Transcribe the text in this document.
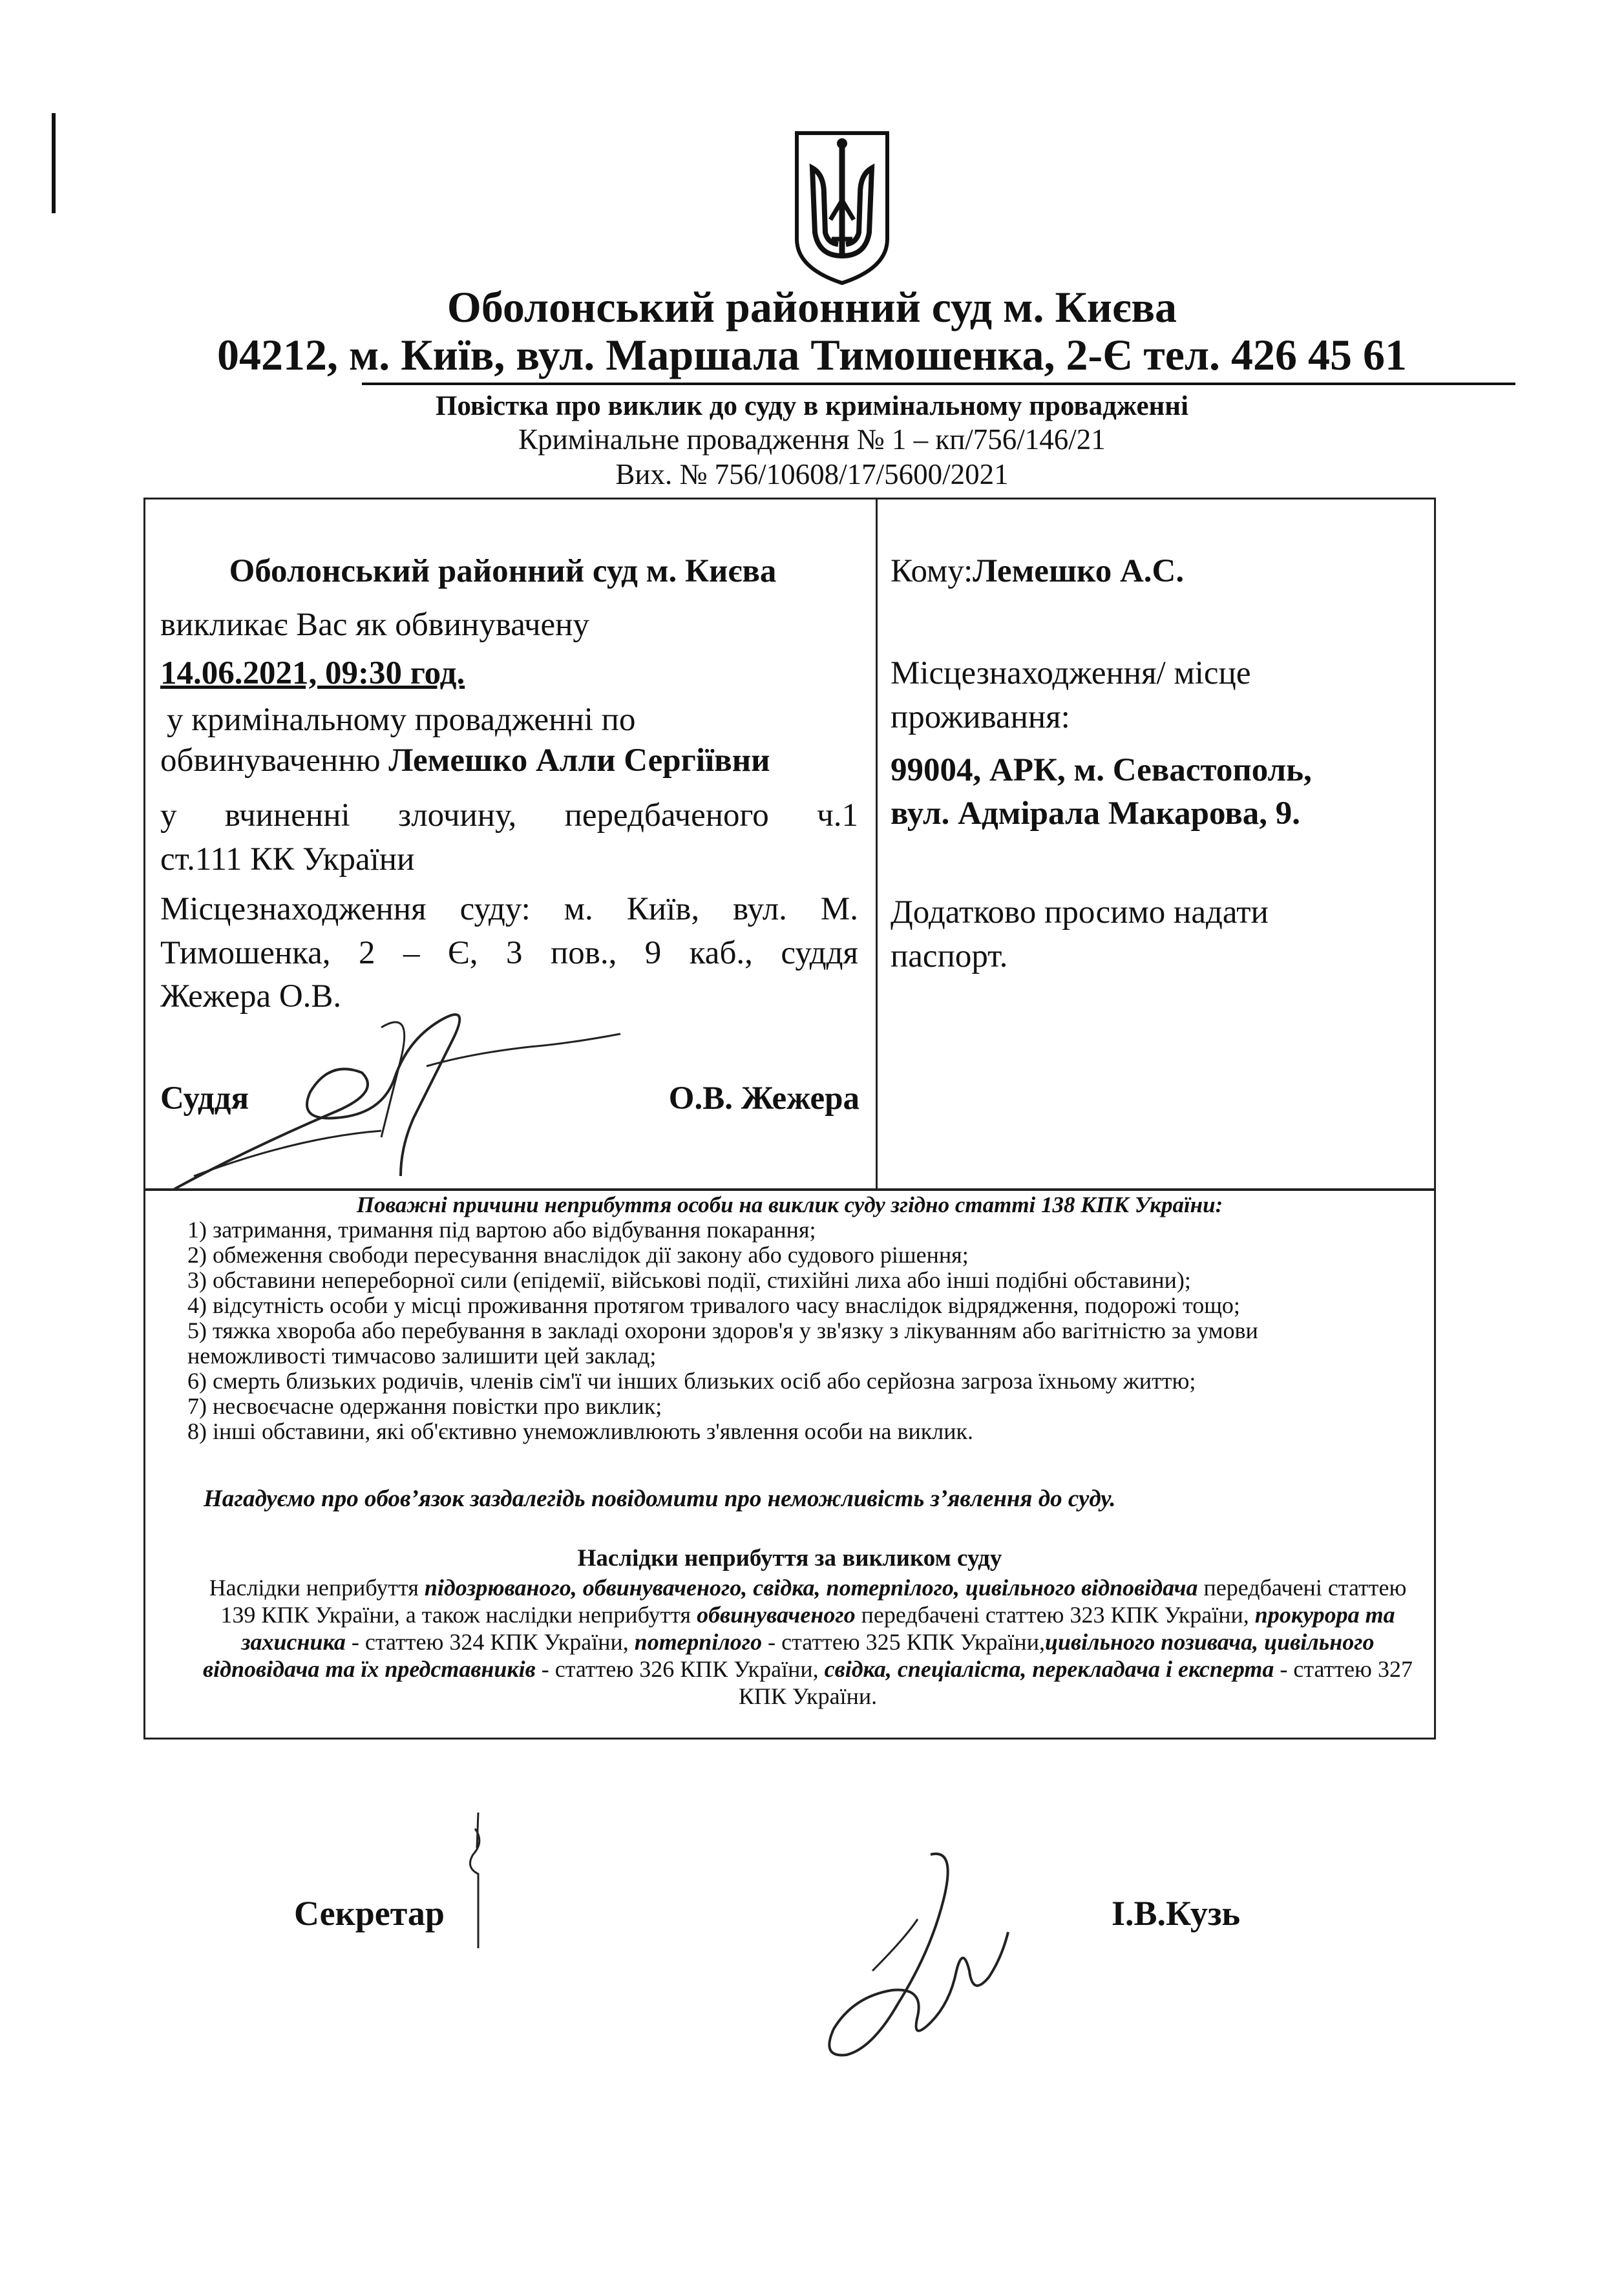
Оболонський районний суд м. Києва
04212, м. Київ, вул. Маршала Тимошенка, 2-Є тел. 426 45 61
Повістка про виклик до суду в кримінальному провадженні
Кримінальне провадження № 1 – кп/756/146/21
Вих. № 756/10608/17/5600/2021
Оболонський районний суд м. Києва
викликає Вас як обвинувачену
14.06.2021, 09:30 год.
у кримінальному провадженні по
обвинуваченню Лемешко Алли Сергіївни
у вчиненні злочину, передбаченого ч.1
ст.111 КК України
Місцезнаходження суду: м. Київ, вул. М.
Тимошенка, 2 – Є, 3 пов., 9 каб., суддя
Жежера О.В.
Суддя	О.В. Жежера
Кому:Лемешко А.С.
Місцезнаходження/ місце
проживання:
99004, АРК, м. Севастополь,
вул. Адмірала Макарова, 9.
Додатково просимо надати
паспорт.
Поважні причини неприбуття особи на виклик суду згідно статті 138 КПК України:
1) затримання, тримання під вартою або відбування покарання;
2) обмеження свободи пересування внаслідок дії закону або судового рішення;
3) обставини непереборної сили (епідемії, військові події, стихійні лиха або інші подібні обставини);
4) відсутність особи у місці проживання протягом тривалого часу внаслідок відрядження, подорожі тощо;
5) тяжка хвороба або перебування в закладі охорони здоров'я у зв'язку з лікуванням або вагітністю за умови
неможливості тимчасово залишити цей заклад;
6) смерть близьких родичів, членів сім'ї чи інших близьких осіб або серйозна загроза їхньому життю;
7) несвоєчасне одержання повістки про виклик;
8) інші обставини, які об'єктивно унеможливлюють з'явлення особи на виклик.
Нагадуємо про обов’язок заздалегідь повідомити про неможливість з’явлення до суду.
Наслідки неприбуття за викликом суду
Наслідки неприбуття підозрюваного, обвинуваченого, свідка, потерпілого, цивільного відповідача передбачені статтею 139 КПК України, а також наслідки неприбуття обвинуваченого передбачені статтею 323 КПК України, прокурора та захисника - статтею 324 КПК України, потерпілого - статтею 325 КПК України,цивільного позивача, цивільного відповідача та їх представників - статтею 326 КПК України, свідка, спеціаліста, перекладача і експерта - статтею 327 КПК України.
Секретар	І.В.Кузь
